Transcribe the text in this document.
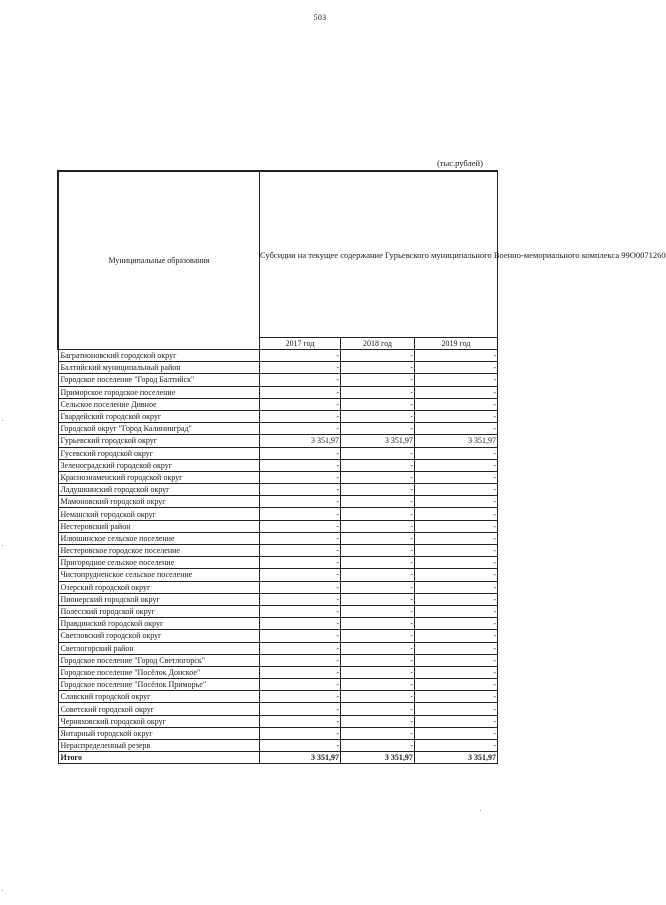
503
(тыс.рублей)
Муниципальные образования	Субсидии на текущее содержание Гурьевского муниципального Военно-мемориального комплекса 99О0071260		
	2017 год	2018 год	2019 год
Багратионовский городской округ	-	-	-
Балтийский муниципальный район	-	-	-
Городское поселение "Город Балтийск"	-	-	-
Приморское городское поселение	-	-	-
Сельское поселение Дивное	-	-	-
Гвардейский городской округ	-	-	-
Городской округ "Город Калининград"	-	-	-
Гурьевский городской округ	3 351,97	3 351,97	3 351,97
Гусевский городской округ	-	-	-
Зеленоградский городской округ	-	-	-
Краснознаменский городской округ	-	-	-
Ладушкинский городской округ	-	-	-
Мамоновский городской округ	-	-	-
Неманский городской округ	-	-	-
Нестеровский район	-	-	-
Илюшинское сельское поселение	-	-	-
Нестеровское городское поселение	-	-	-
Пригородное сельское поселение	-	-	-
Чистопрудненское сельское поселение	-	-	-
Озерский городской округ	-	-	-
Пионерский городской округ	-	-	-
Полесский городской округ	-	-	-
Правдинский городской округ	-	-	-
Светловский городской округ	-	-	-
Светлогорский район	-	-	-
Городское поселение "Город Светлогорск"	-	-	-
Городское поселение "Посёлок Донское"	-	-	-
Городское поселение "Посёлок Приморье"	-	-	-
Славский городской округ	-	-	-
Советский городской округ	-	-	-
Черняховский городской округ	-	-	-
Янтарный городской округ	-	-	-
Нераспределенный резерв	-	-	-
Итого	3 351,97	3 351,97	3 351,97
